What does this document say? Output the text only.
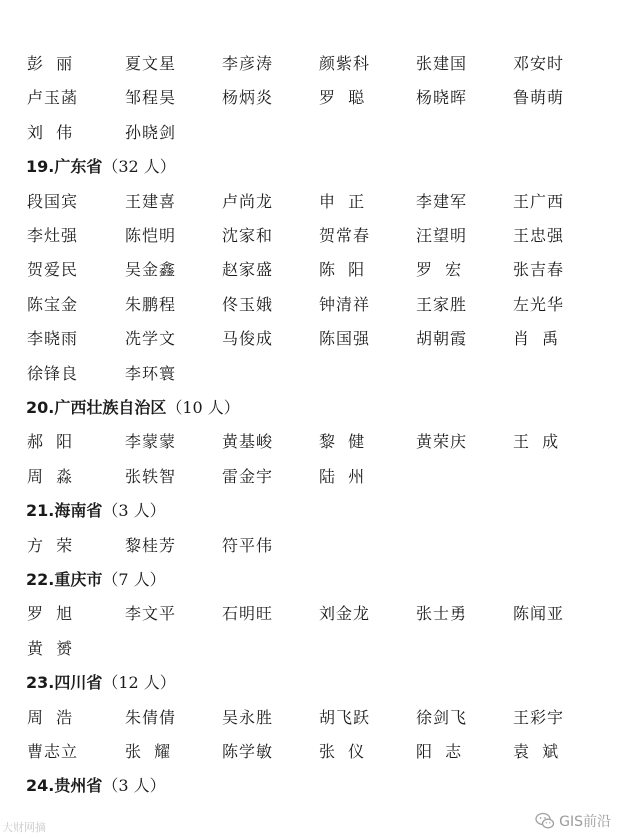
彭  丽	夏文星	李彦涛	颜紫科	张建国	邓安时
卢玉菡	邹程昊	杨炳炎	罗  聪	杨晓晖	鲁萌萌
刘  伟	孙晓剑
19.广东省（32 人）
段国宾	王建喜	卢尚龙	申  正	李建军	王广西
李灶强	陈恺明	沈家和	贺常春	汪望明	王忠强
贺爱民	吴金鑫	赵家盛	陈  阳	罗  宏	张吉春
陈宝金	朱鹏程	佟玉娥	钟清祥	王家胜	左光华
李晓雨	冼学文	马俊成	陈国强	胡朝霞	肖  禹
徐锋良	李环寰
20.广西壮族自治区（10 人）
郝  阳	李蒙蒙	黄基峻	黎  健	黄荣庆	王  成
周  淼	张轶智	雷金宇	陆  州
21.海南省（3 人）
方  荣	黎桂芳	符平伟
22.重庆市（7 人）
罗  旭	李文平	石明旺	刘金龙	张士勇	陈闻亚
黄  赟
23.四川省（12 人）
周  浩	朱倩倩	吴永胜	胡飞跃	徐剑飞	王彩宇
曹志立	张  耀	陈学敏	张  仪	阳  志	袁  斌
24.贵州省（3 人）
大财网摘	GIS前沿
